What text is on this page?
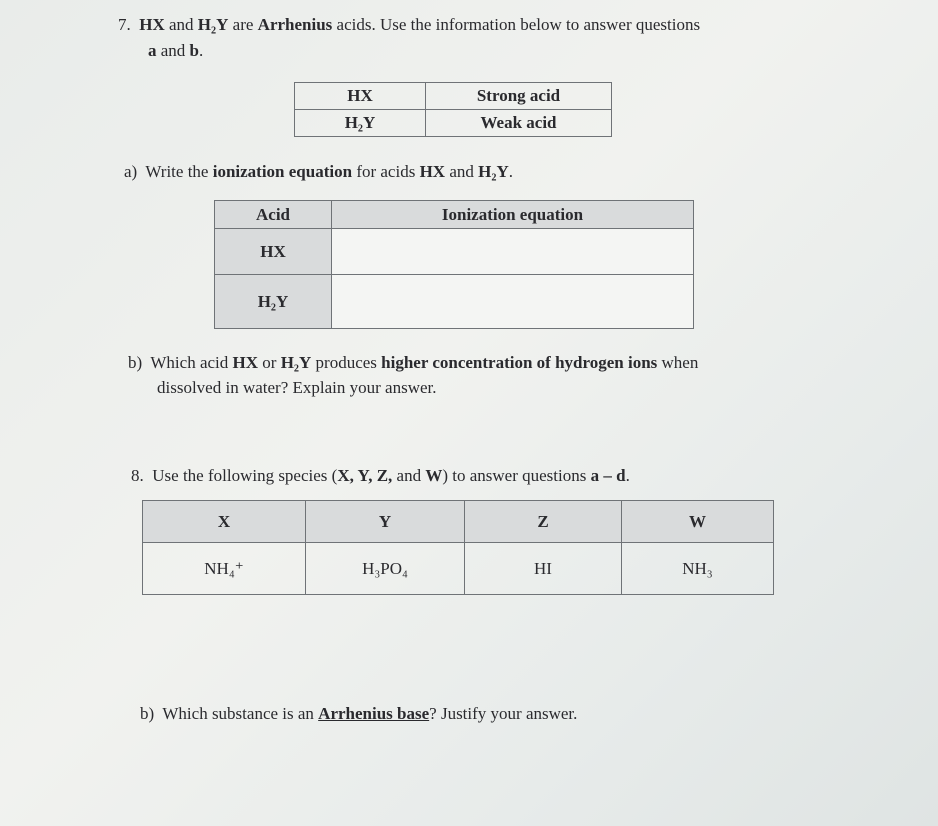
7. HX and H₂Y are Arrhenius acids. Use the information below to answer questions
a and b.
HX	Strong acid
H₂Y	Weak acid
a) Write the ionization equation for acids HX and H₂Y.
Acid	Ionization equation
HX	
H₂Y	
b) Which acid HX or H₂Y produces higher concentration of hydrogen ions when
dissolved in water? Explain your answer.
8. Use the following species (X, Y, Z, and W) to answer questions a – d.
X	Y	Z	W
NH₄⁺	H₃PO₄	HI	NH₃
b) Which substance is an Arrhenius base? Justify your answer.
